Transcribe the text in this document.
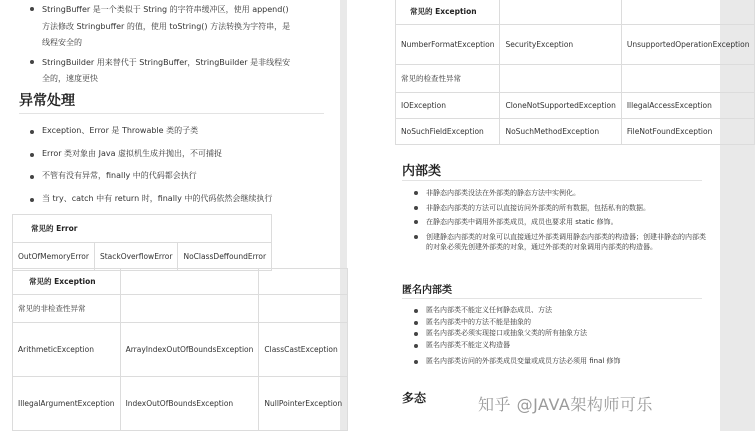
StringBuffer 是一个类似于 String 的字符串缓冲区，使用 append() 方法修改 Stringbuffer 的值，使用 toString() 方法转换为字符串，是线程安全的
StringBuilder 用来替代于 StringBuffer，StringBuilder 是非线程安全的，速度更快
异常处理
Exception、Error 是 Throwable 类的子类
Error 类对象由 Java 虚拟机生成并抛出，不可捕捉
不管有没有异常，finally 中的代码都会执行
当 try、catch 中有 return 时，finally 中的代码依然会继续执行
常见的 Error
OutOfMemoryError	StackOverflowError	NoClassDeffoundError
常见的 Exception		
常见的非检查性异常		
ArithmeticException	ArrayIndexOutOfBoundsException	ClassCastException
IllegalArgumentException	IndexOutOfBoundsException	NullPointerException
常见的 Exception		
NumberFormatException	SecurityException	UnsupportedOperationException
常见的检查性异常		
IOException	CloneNotSupportedException	IllegalAccessException
NoSuchFieldException	NoSuchMethodException	FileNotFoundException
内部类
非静态内部类没法在外部类的静态方法中实例化。
非静态内部类的方法可以直接访问外部类的所有数据，包括私有的数据。
在静态内部类中调用外部类成员，成员也要求用 static 修饰。
创建静态内部类的对象可以直接通过外部类调用静态内部类的构造器；创建非静态的内部类的对象必须先创建外部类的对象，通过外部类的对象调用内部类的构造器。
匿名内部类
匿名内部类不能定义任何静态成员、方法
匿名内部类中的方法不能是抽象的
匿名内部类必须实现接口或抽象父类的所有抽象方法
匿名内部类不能定义构造器
匿名内部类访问的外部类成员变量或成员方法必须用 final 修饰
多态	知乎 @JAVA架构师可乐
